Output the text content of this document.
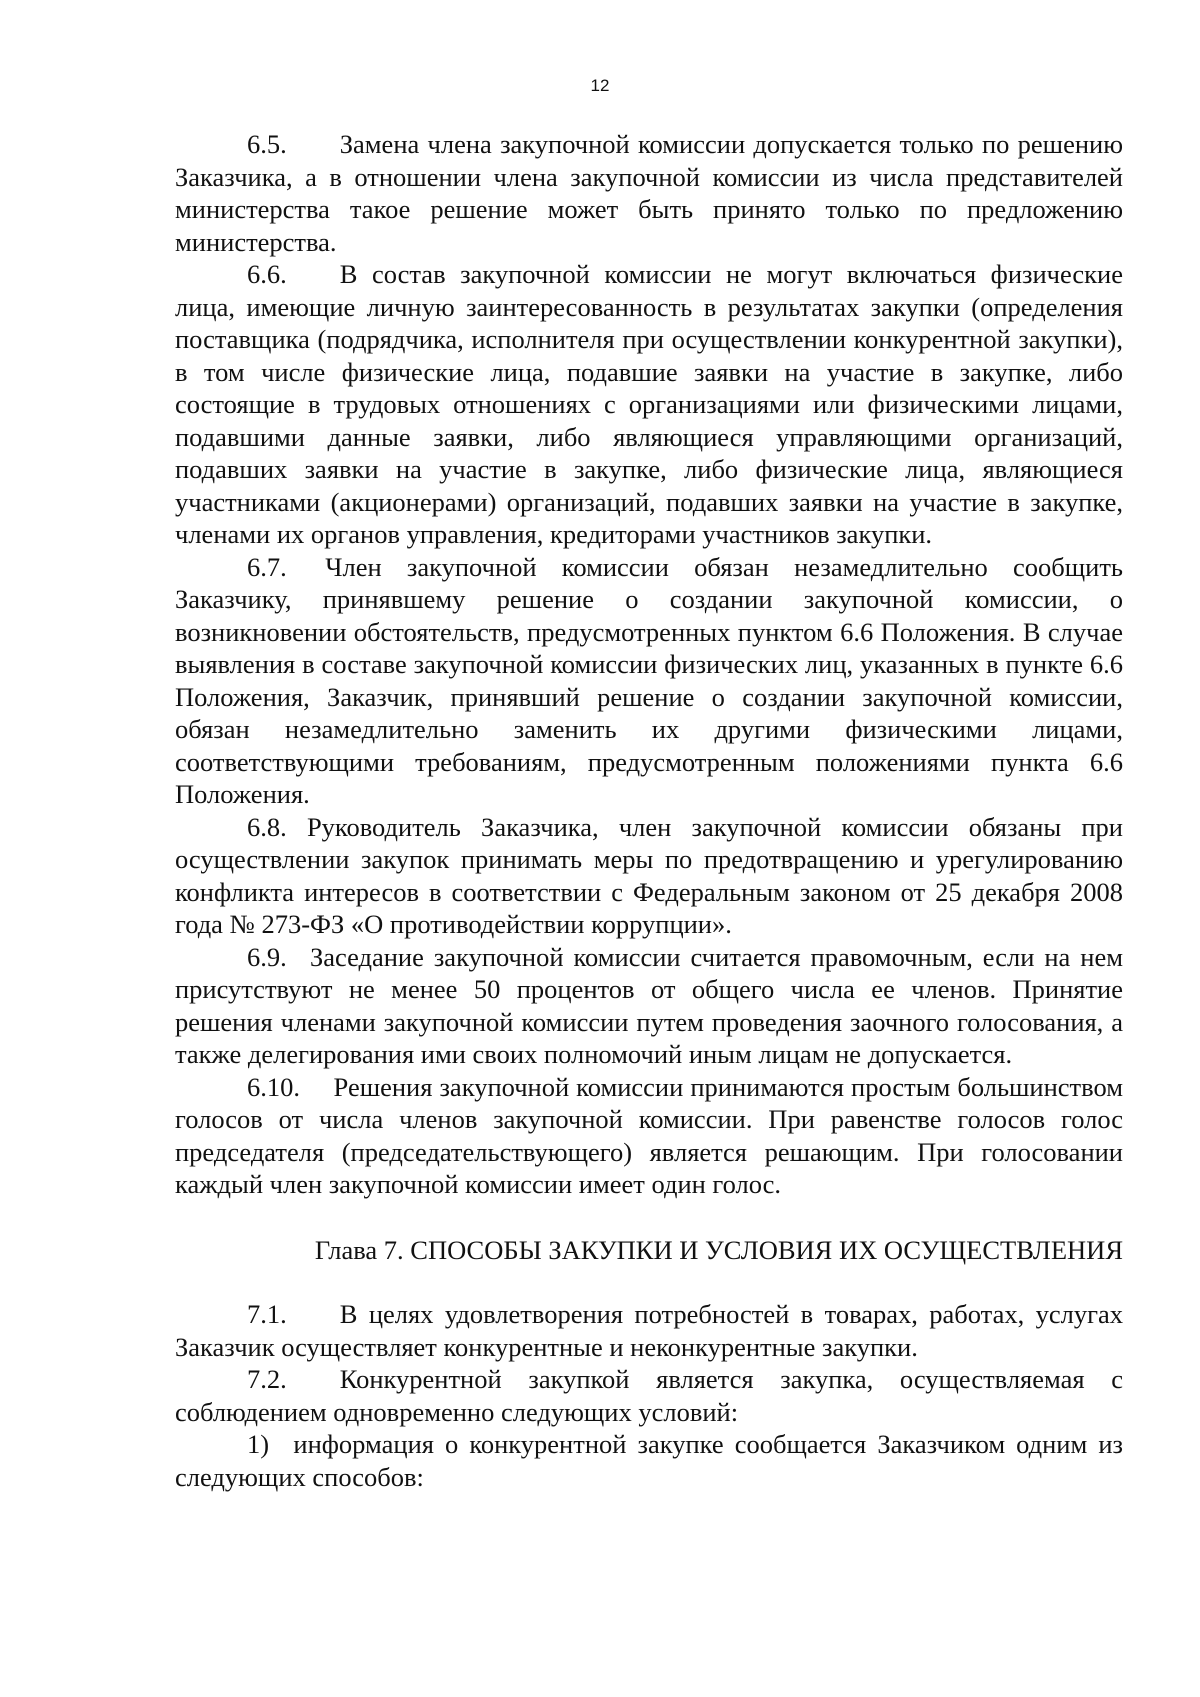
12

6.5.  Замена члена закупочной комиссии допускается только по решению Заказчика, а в отношении члена закупочной комиссии из числа представителей министерства такое решение может быть принято только по предложению министерства.

6.6.  В состав закупочной комиссии не могут включаться физические лица, имеющие личную заинтересованность в результатах закупки (определения поставщика (подрядчика, исполнителя при осуществлении конкурентной закупки), в том числе физические лица, подавшие заявки на участие в закупке, либо состоящие в трудовых отношениях с организациями или физическими лицами, подавшими данные заявки, либо являющиеся управляющими организаций, подавших заявки на участие в закупке, либо физические лица, являющиеся участниками (акционерами) организаций, подавших заявки на участие в закупке, членами их органов управления, кредиторами участников закупки.

6.7.  Член закупочной комиссии обязан незамедлительно сообщить Заказчику, принявшему решение о создании закупочной комиссии, о возникновении обстоятельств, предусмотренных пунктом 6.6 Положения. В случае выявления в составе закупочной комиссии физических лиц, указанных в пункте 6.6 Положения, Заказчик, принявший решение о создании закупочной комиссии, обязан незамедлительно заменить их другими физическими лицами, соответствующими требованиям, предусмотренным положениями пункта 6.6 Положения.

6.8. Руководитель Заказчика, член закупочной комиссии обязаны при осуществлении закупок принимать меры по предотвращению и урегулированию конфликта интересов в соответствии с Федеральным законом от 25 декабря 2008 года № 273-ФЗ «О противодействии коррупции».

6.9.  Заседание закупочной комиссии считается правомочным, если на нем присутствуют не менее 50 процентов от общего числа ее членов. Принятие решения членами закупочной комиссии путем проведения заочного голосования, а также делегирования ими своих полномочий иным лицам не допускается.

6.10.  Решения закупочной комиссии принимаются простым большинством голосов от числа членов закупочной комиссии. При равенстве голосов голос председателя (председательствующего) является решающим. При голосовании каждый член закупочной комиссии имеет один голос.

Глава 7. СПОСОБЫ ЗАКУПКИ И УСЛОВИЯ ИХ ОСУЩЕСТВЛЕНИЯ

7.1.  В целях удовлетворения потребностей в товарах, работах, услугах Заказчик осуществляет конкурентные и неконкурентные закупки.

7.2.  Конкурентной закупкой является закупка, осуществляемая с соблюдением одновременно следующих условий:

1)  информация о конкурентной закупке сообщается Заказчиком одним из следующих способов:
